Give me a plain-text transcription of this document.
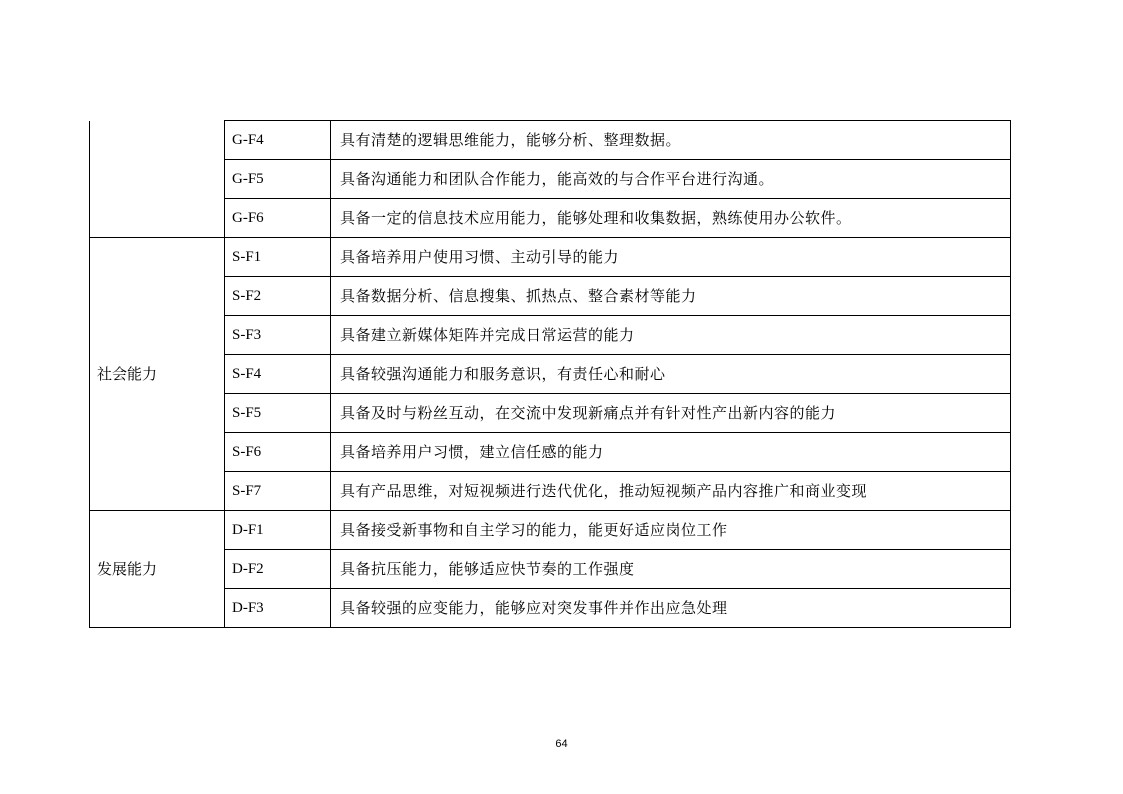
	G-F4	具有清楚的逻辑思维能力，能够分析、整理数据。
	G-F5	具备沟通能力和团队合作能力，能高效的与合作平台进行沟通。
	G-F6	具备一定的信息技术应用能力，能够处理和收集数据，熟练使用办公软件。
社会能力	S-F1	具备培养用户使用习惯、主动引导的能力
	S-F2	具备数据分析、信息搜集、抓热点、整合素材等能力
	S-F3	具备建立新媒体矩阵并完成日常运营的能力
	S-F4	具备较强沟通能力和服务意识，有责任心和耐心
	S-F5	具备及时与粉丝互动，在交流中发现新痛点并有针对性产出新内容的能力
	S-F6	具备培养用户习惯，建立信任感的能力
	S-F7	具有产品思维，对短视频进行迭代优化，推动短视频产品内容推广和商业变现
发展能力	D-F1	具备接受新事物和自主学习的能力，能更好适应岗位工作
	D-F2	具备抗压能力，能够适应快节奏的工作强度
	D-F3	具备较强的应变能力，能够应对突发事件并作出应急处理
64
